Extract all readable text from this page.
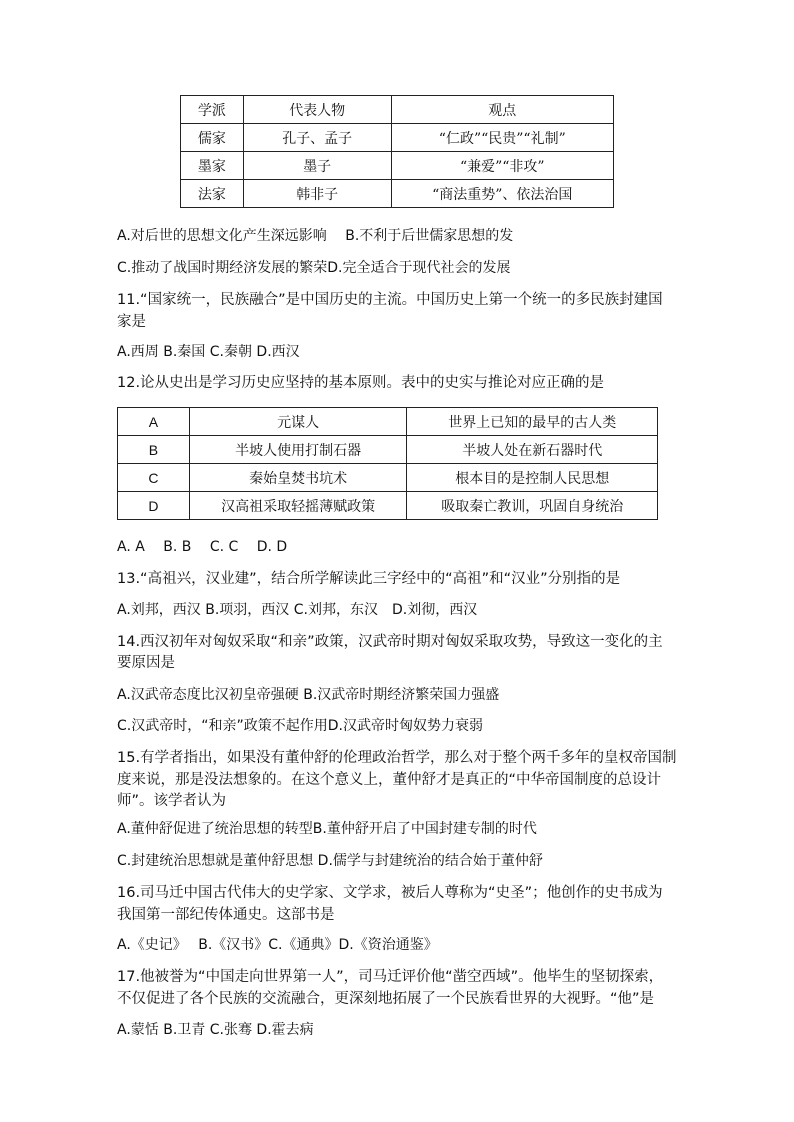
学派	代表人物	观点
儒家	孔子、孟子	“仁政”“民贵”“礼制”
墨家	墨子	“兼爱”“非攻”
法家	韩非子	“商法重势”、依法治国
A.对后世的思想文化产生深远影响　 B.不利于后世儒家思想的发
C.推动了战国时期经济发展的繁荣D.完全适合于现代社会的发展
11.“国家统一，民族融合”是中国历史的主流。中国历史上第一个统一的多民族封建国
家是
A.西周 B.秦国 C.秦朝 D.西汉
12.论从史出是学习历史应坚持的基本原则。表中的史实与推论对应正确的是
A	元谋人	世界上已知的最早的古人类
B	半坡人使用打制石器	半坡人处在新石器时代
C	秦始皇焚书坑术	根本目的是控制人民思想
D	汉高祖采取轻摇薄赋政策	吸取秦亡教训，巩固自身统治
A. A　 B. B　 C. C　 D. D
13.“高祖兴，汉业建”，结合所学解读此三字经中的“高祖”和“汉业”分别指的是
A.刘邦，西汉 B.项羽，西汉 C.刘邦，东汉　D.刘彻，西汉
14.西汉初年对匈奴采取“和亲”政策，汉武帝时期对匈奴采取攻势，导致这一变化的主
要原因是
A.汉武帝态度比汉初皇帝强硬 B.汉武帝时期经济繁荣国力强盛
C.汉武帝时，“和亲”政策不起作用D.汉武帝时匈奴势力衰弱
15.有学者指出，如果没有董仲舒的伦理政治哲学，那么对于整个两千多年的皇权帝国制
度来说，那是没法想象的。在这个意义上，董仲舒才是真正的“中华帝国制度的总设计
师”。该学者认为
A.董仲舒促进了统治思想的转型B.董仲舒开启了中国封建专制的时代
C.封建统治思想就是董仲舒思想 D.儒学与封建统治的结合始于董仲舒
16.司马迁中国古代伟大的史学家、文学求，被后人尊称为“史圣”；他创作的史书成为
我国第一部纪传体通史。这部书是
A.《史记》　 B.《汉书》C.《通典》D.《资治通鉴》
17.他被誉为“中国走向世界第一人”，司马迁评价他“凿空西域”。他毕生的坚韧探索，
不仅促进了各个民族的交流融合，更深刻地拓展了一个民族看世界的大视野。“他”是
A.蒙恬 B.卫青 C.张骞 D.霍去病
